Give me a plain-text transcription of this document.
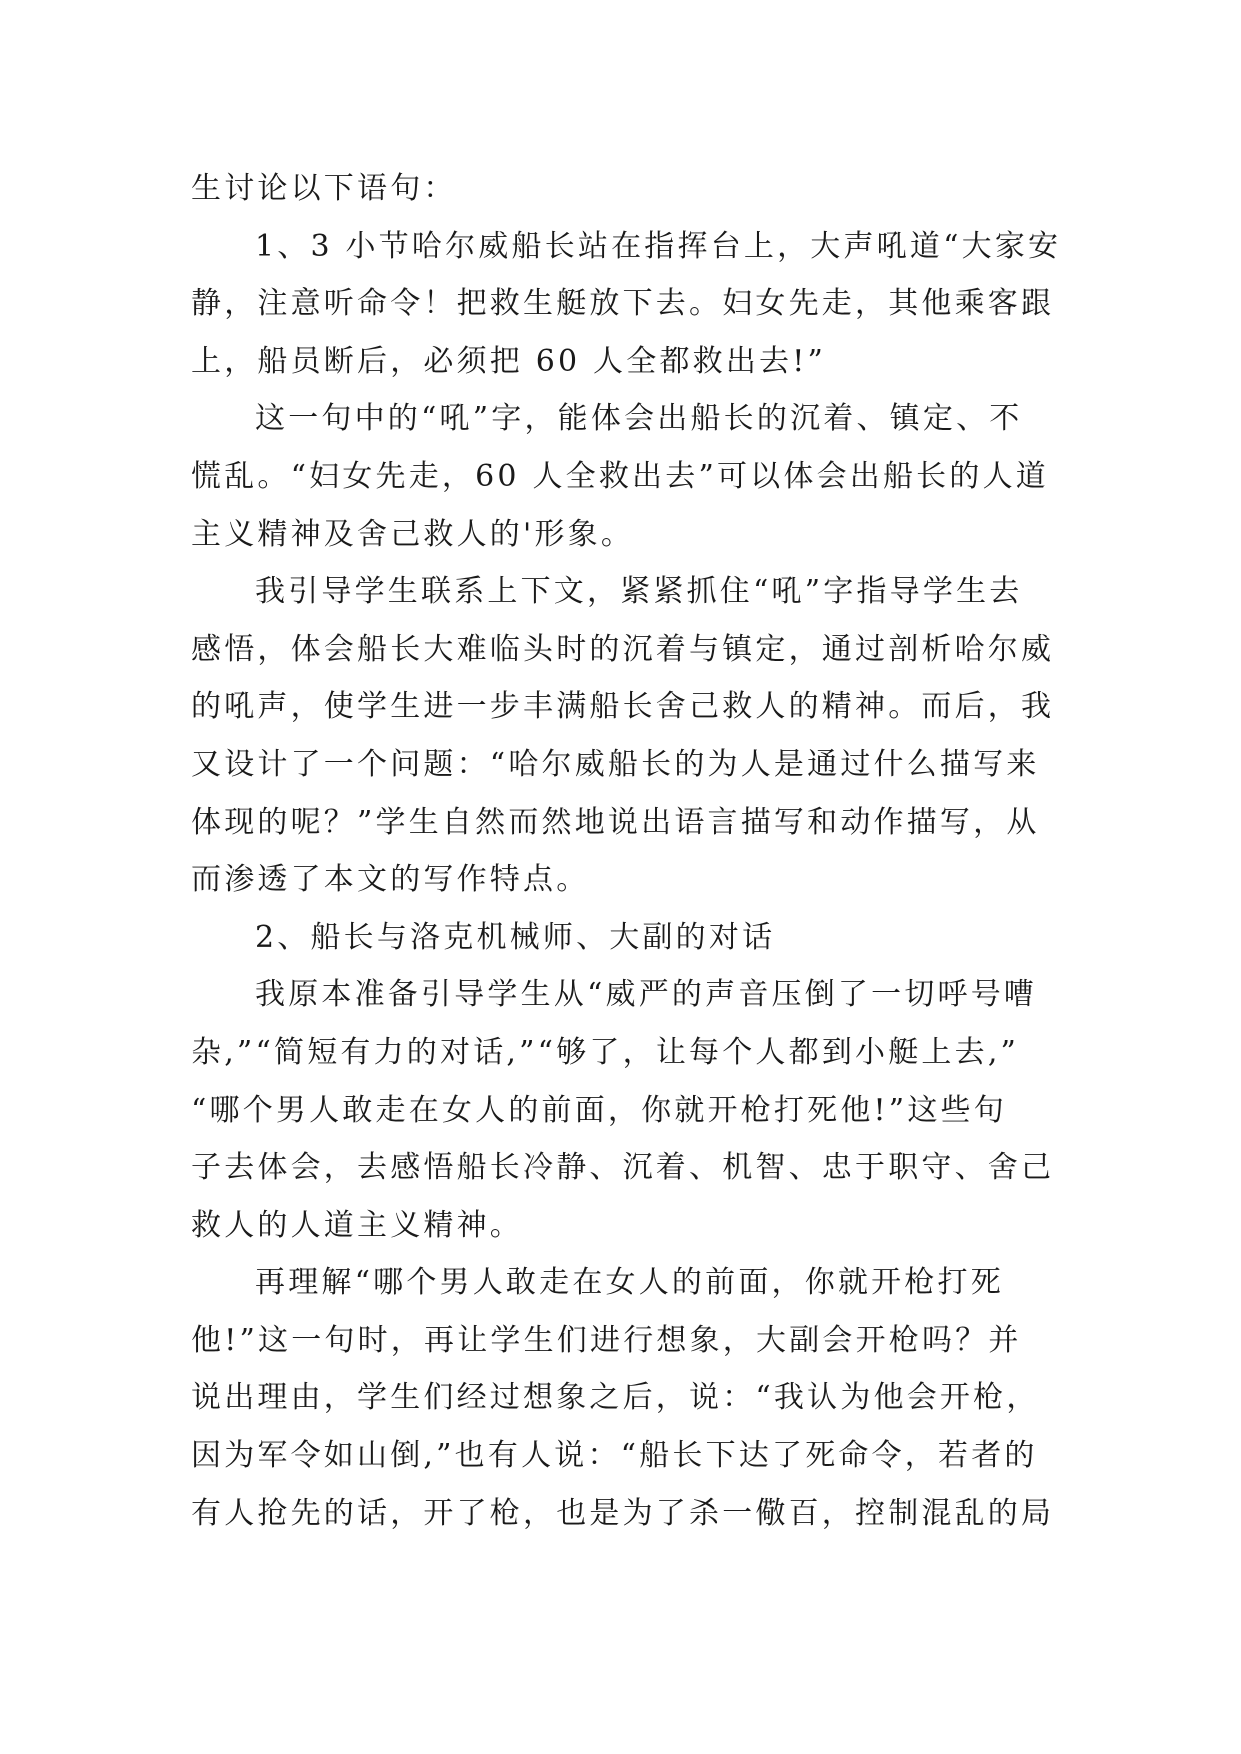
生讨论以下语句：
1、3 小节哈尔威船长站在指挥台上，大声吼道“大家安
静，注意听命令！把救生艇放下去。妇女先走，其他乘客跟
上，船员断后，必须把 60 人全都救出去!”
这一句中的“吼”字，能体会出船长的沉着、镇定、不
慌乱。“妇女先走，60 人全救出去”可以体会出船长的人道
主义精神及舍己救人的'形象。
我引导学生联系上下文，紧紧抓住“吼”字指导学生去
感悟，体会船长大难临头时的沉着与镇定，通过剖析哈尔威
的吼声，使学生进一步丰满船长舍己救人的精神。而后，我
又设计了一个问题：“哈尔威船长的为人是通过什么描写来
体现的呢？”学生自然而然地说出语言描写和动作描写，从
而渗透了本文的写作特点。
2、船长与洛克机械师、大副的对话
我原本准备引导学生从“威严的声音压倒了一切呼号嘈
杂,”“简短有力的对话,”“够了，让每个人都到小艇上去,”
“哪个男人敢走在女人的前面，你就开枪打死他!”这些句
子去体会，去感悟船长冷静、沉着、机智、忠于职守、舍己
救人的人道主义精神。
再理解“哪个男人敢走在女人的前面，你就开枪打死
他!”这一句时，再让学生们进行想象，大副会开枪吗？并
说出理由，学生们经过想象之后，说：“我认为他会开枪，
因为军令如山倒,”也有人说：“船长下达了死命令，若者的
有人抢先的话，开了枪，也是为了杀一儆百，控制混乱的局
